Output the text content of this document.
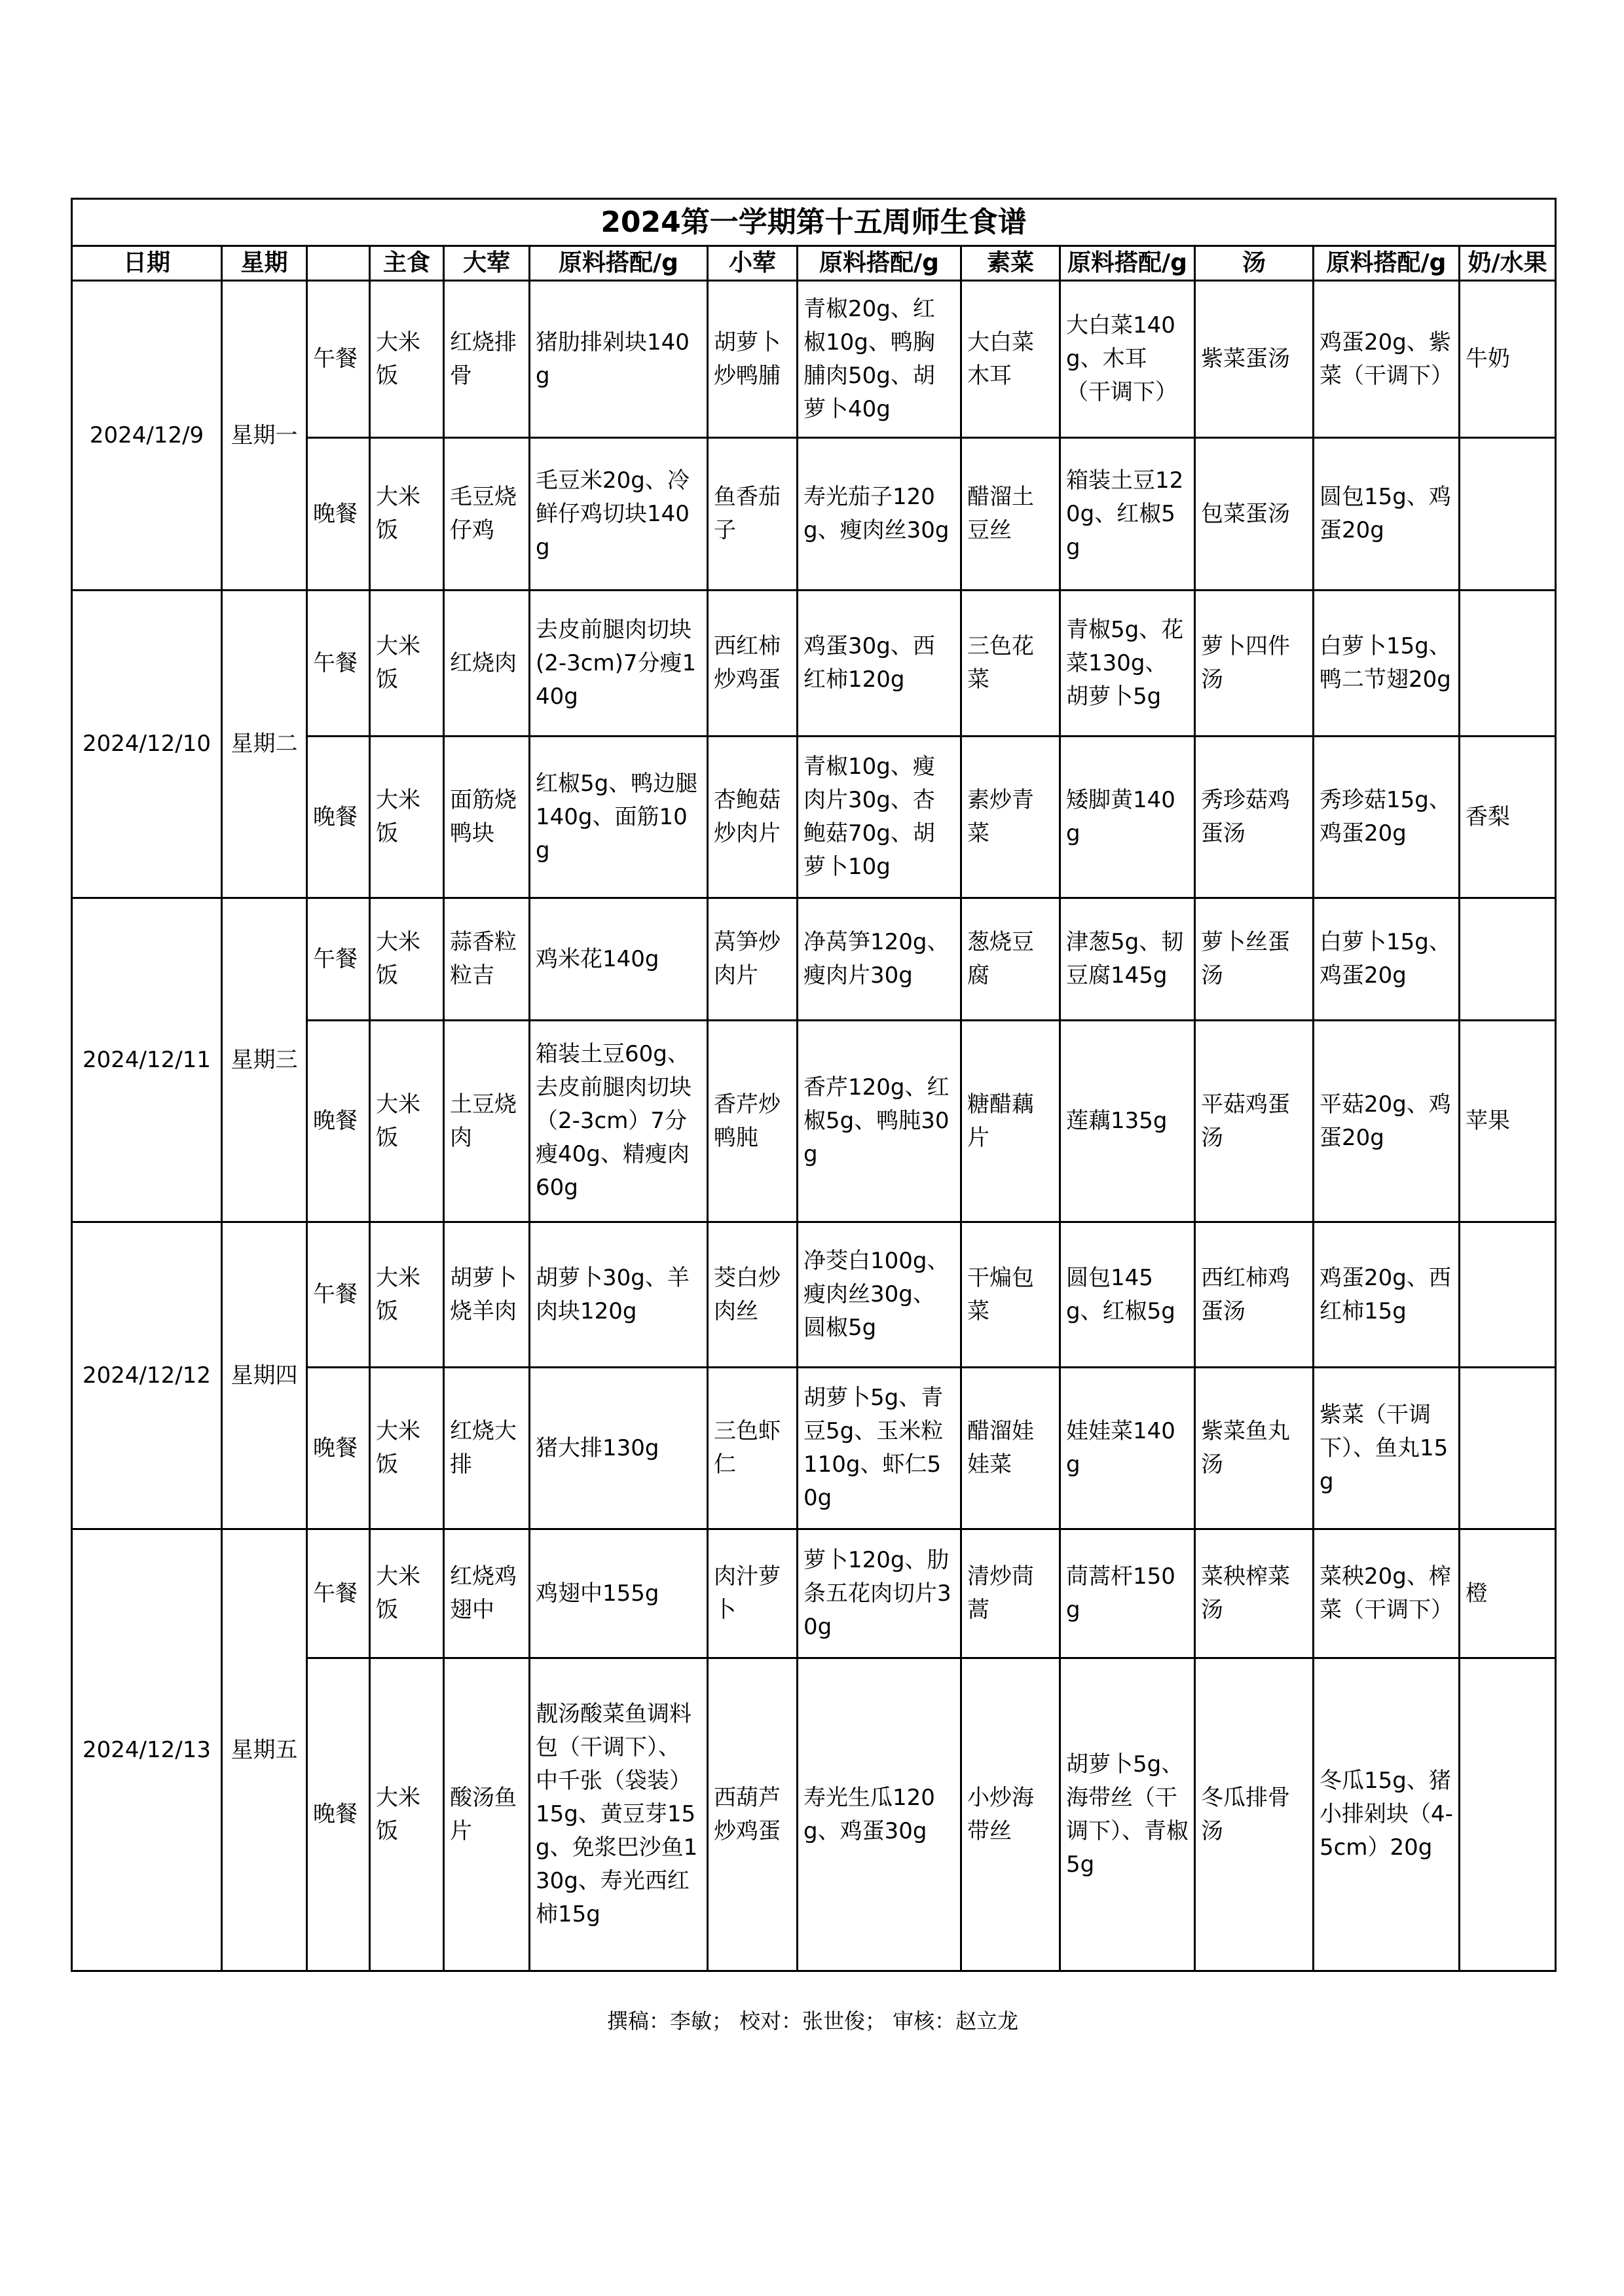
2024第一学期第十五周师生食谱												
日期	星期		主食	大荤	原料搭配/g	小荤	原料搭配/g	素菜	原料搭配/g	汤	原料搭配/g	奶/水果
2024/12/9	星期一	午餐	大米饭	红烧排骨	猪肋排剁块140g	胡萝卜炒鸭脯	青椒20g、红椒10g、鸭胸脯肉50g、胡萝卜40g	大白菜木耳	大白菜140g、木耳（干调下）	紫菜蛋汤	鸡蛋20g、紫菜（干调下）	牛奶
		晚餐	大米饭	毛豆烧仔鸡	毛豆米20g、冷鲜仔鸡切块140g	鱼香茄子	寿光茄子120g、瘦肉丝30g	醋溜土豆丝	箱装土豆120g、红椒5g	包菜蛋汤	圆包15g、鸡蛋20g	
2024/12/10	星期二	午餐	大米饭	红烧肉	去皮前腿肉切块(2-3cm)7分瘦140g	西红柿炒鸡蛋	鸡蛋30g、西红柿120g	三色花菜	青椒5g、花菜130g、胡萝卜5g	萝卜四件汤	白萝卜15g、鸭二节翅20g	
		晚餐	大米饭	面筋烧鸭块	红椒5g、鸭边腿140g、面筋10g	杏鲍菇炒肉片	青椒10g、瘦肉片30g、杏鲍菇70g、胡萝卜10g	素炒青菜	矮脚黄140g	秀珍菇鸡蛋汤	秀珍菇15g、鸡蛋20g	香梨
2024/12/11	星期三	午餐	大米饭	蒜香粒粒吉	鸡米花140g	莴笋炒肉片	净莴笋120g、瘦肉片30g	葱烧豆腐	津葱5g、韧豆腐145g	萝卜丝蛋汤	白萝卜15g、鸡蛋20g	
		晚餐	大米饭	土豆烧肉	箱装土豆60g、去皮前腿肉切块（2-3cm）7分瘦40g、精瘦肉60g	香芹炒鸭肫	香芹120g、红椒5g、鸭肫30g	糖醋藕片	莲藕135g	平菇鸡蛋汤	平菇20g、鸡蛋20g	苹果
2024/12/12	星期四	午餐	大米饭	胡萝卜烧羊肉	胡萝卜30g、羊肉块120g	茭白炒肉丝	净茭白100g、瘦肉丝30g、圆椒5g	干煸包菜	圆包145g、红椒5g	西红柿鸡蛋汤	鸡蛋20g、西红柿15g	
		晚餐	大米饭	红烧大排	猪大排130g	三色虾仁	胡萝卜5g、青豆5g、玉米粒110g、虾仁50g	醋溜娃娃菜	娃娃菜140g	紫菜鱼丸汤	紫菜（干调下）、鱼丸15g	
2024/12/13	星期五	午餐	大米饭	红烧鸡翅中	鸡翅中155g	肉汁萝卜	萝卜120g、肋条五花肉切片30g	清炒茼蒿	茼蒿杆150g	菜秧榨菜汤	菜秧20g、榨菜（干调下）	橙
		晚餐	大米饭	酸汤鱼片	靓汤酸菜鱼调料包（干调下）、中千张（袋装）15g、黄豆芽15g、免浆巴沙鱼130g、寿光西红柿15g	西葫芦炒鸡蛋	寿光生瓜120g、鸡蛋30g	小炒海带丝	胡萝卜5g、海带丝（干调下）、青椒5g	冬瓜排骨汤	冬瓜15g、猪小排剁块（4-5cm）20g	
撰稿：李敏； 校对：张世俊； 审核：赵立龙
